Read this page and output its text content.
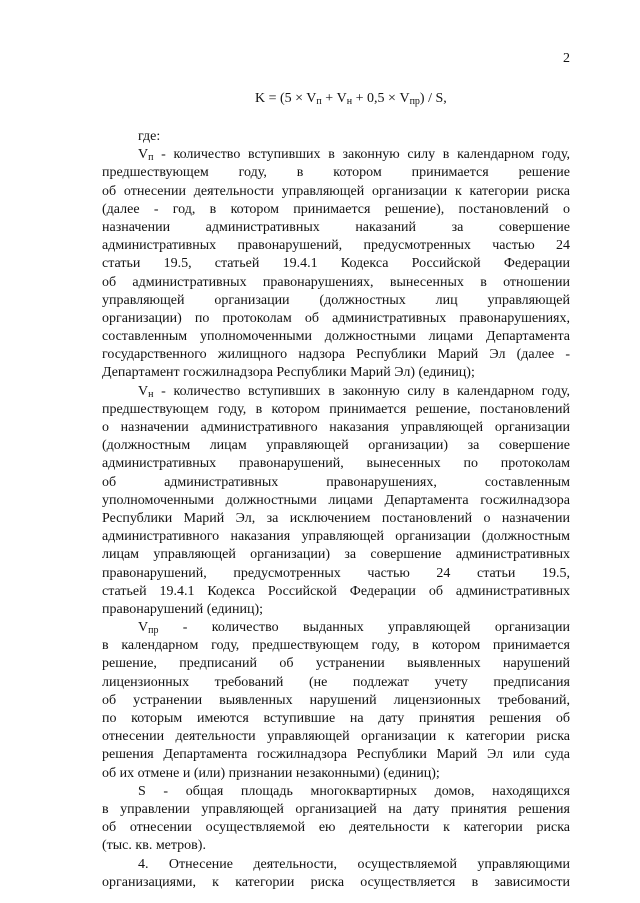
2
$K = (5 \times V_п + V_н + 0,5 \times V_{пр}) / S$,
где:
Vп - количество вступивших в законную силу в календарном году,
предшествующем году, в котором принимается решение
об отнесении деятельности управляющей организации к категории риска
(далее - год, в котором принимается решение), постановлений о
назначении административных наказаний за совершение
административных правонарушений, предусмотренных частью 24
статьи 19.5, статьей 19.4.1 Кодекса Российской Федерации
об административных правонарушениях, вынесенных в отношении
управляющей организации (должностных лиц управляющей
организации) по протоколам об административных правонарушениях,
составленным уполномоченными должностными лицами Департамента
государственного жилищного надзора Республики Марий Эл (далее -
Департамент госжилнадзора Республики Марий Эл) (единиц);
Vн - количество вступивших в законную силу в календарном году,
предшествующем году, в котором принимается решение, постановлений
о назначении административного наказания управляющей организации
(должностным лицам управляющей организации) за совершение
административных правонарушений, вынесенных по протоколам
об административных правонарушениях, составленным
уполномоченными должностными лицами Департамента госжилнадзора
Республики Марий Эл, за исключением постановлений о назначении
административного наказания управляющей организации (должностным
лицам управляющей организации) за совершение административных
правонарушений, предусмотренных частью 24 статьи 19.5,
статьей 19.4.1 Кодекса Российской Федерации об административных
правонарушений (единиц);
Vпр - количество выданных управляющей организации
в календарном году, предшествующем году, в котором принимается
решение, предписаний об устранении выявленных нарушений
лицензионных требований (не подлежат учету предписания
об устранении выявленных нарушений лицензионных требований,
по которым имеются вступившие на дату принятия решения об
отнесении деятельности управляющей организации к категории риска
решения Департамента госжилнадзора Республики Марий Эл или суда
об их отмене и (или) признании незаконными) (единиц);
S - общая площадь многоквартирных домов, находящихся
в управлении управляющей организацией на дату принятия решения
об отнесении осуществляемой ею деятельности к категории риска
(тыс. кв. метров).
4. Отнесение деятельности, осуществляемой управляющими
организациями, к категории риска осуществляется в зависимости
